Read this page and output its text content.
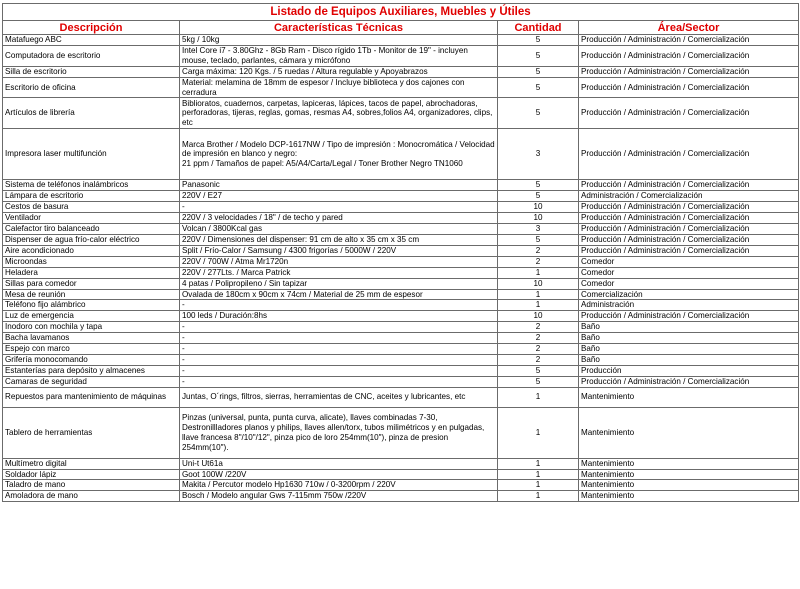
Listado de Equipos Auxiliares, Muebles y Útiles			
Descripción	Características Técnicas	Cantidad	Área/Sector
Matafuego ABC	5kg / 10kg	5	Producción / Administración / Comercialización
Computadora de escritorio	Intel Core i7 - 3.80Ghz - 8Gb Ram - Disco rígido 1Tb - Monitor de 19" - incluyen mouse, teclado, parlantes, cámara y micrófono	5	Producción / Administración / Comercialización
Silla de escritorio	Carga máxima: 120 Kgs. / 5 ruedas / Altura regulable y Apoyabrazos	5	Producción / Administración / Comercialización
Escritorio de oficina	Material: melamina de 18mm de espesor / Incluye biblioteca y dos cajones con cerradura	5	Producción / Administración / Comercialización
Artículos de librería	Biblioratos, cuadernos, carpetas, lapiceras, lápices, tacos de papel, abrochadoras, perforadoras, tijeras, reglas, gomas, resmas A4, sobres,folios A4, organizadores, clips, etc	5	Producción / Administración / Comercialización
Impresora laser multifunción	Marca Brother / Modelo DCP-1617NW / Tipo de impresión : Monocromática / Velocidad de impresión en blanco y negro:
21 ppm / Tamaños de papel: A5/A4/Carta/Legal / Toner Brother Negro TN1060	3	Producción / Administración / Comercialización
Sistema de teléfonos inalámbricos	Panasonic	5	Producción / Administración / Comercialización
Lámpara de escritorio	220V / E27	5	Administración / Comercialización
Cestos de basura	-	10	Producción / Administración / Comercialización
Ventilador	220V / 3 velocidades / 18" / de techo y pared	10	Producción / Administración / Comercialización
Calefactor tiro balanceado	Volcan / 3800Kcal gas	3	Producción / Administración / Comercialización
Dispenser de agua frío-calor eléctrico	220V / Dimensiones del dispenser: 91 cm de alto x 35 cm x 35 cm	5	Producción / Administración / Comercialización
Aire acondicionado	Split / Frío-Calor / Samsung / 4300 frigorías / 5000W / 220V	2	Producción / Administración / Comercialización
Microondas	220V / 700W / Atma Mr1720n	2	Comedor
Heladera	220V / 277Lts. / Marca Patrick	1	Comedor
Sillas para comedor	4 patas / Polipropileno / Sin tapizar	10	Comedor
Mesa de reunión	Ovalada de 180cm x 90cm x 74cm / Material de 25 mm de espesor	1	Comercialización
Teléfono fijo alámbrico	-	1	Administración
Luz de emergencia	100 leds / Duración:8hs	10	Producción / Administración / Comercialización
Inodoro con mochila y tapa	-	2	Baño
Bacha lavamanos	-	2	Baño
Espejo con marco	-	2	Baño
Grifería monocomando	-	2	Baño
Estanterías para depósito y almacenes	-	5	Producción
Camaras de seguridad	-	5	Producción / Administración / Comercialización
Repuestos para mantenimiento de máquinas	Juntas, O´rings, filtros, sierras, herramientas de CNC, aceites y lubricantes, etc	1	Mantenimiento
Tablero de herramientas	Pinzas (universal, punta, punta curva, alicate), llaves combinadas 7-30, Destronillladores planos y philips, llaves allen/torx, tubos milimétricos y en pulgadas, llave francesa 8"/10"/12", pinza pico de loro 254mm(10"), pinza de presion 254mm(10").	1	Mantenimiento
Multímetro digital	Uni-t Ut61a	1	Mantenimiento
Soldador lápiz	Goot 100W /220V	1	Mantenimiento
Taladro de mano	Makita / Percutor modelo Hp1630 710w / 0-3200rpm / 220V	1	Mantenimiento
Amoladora de mano	Bosch / Modelo angular Gws 7-115mm 750w /220V	1	Mantenimiento
